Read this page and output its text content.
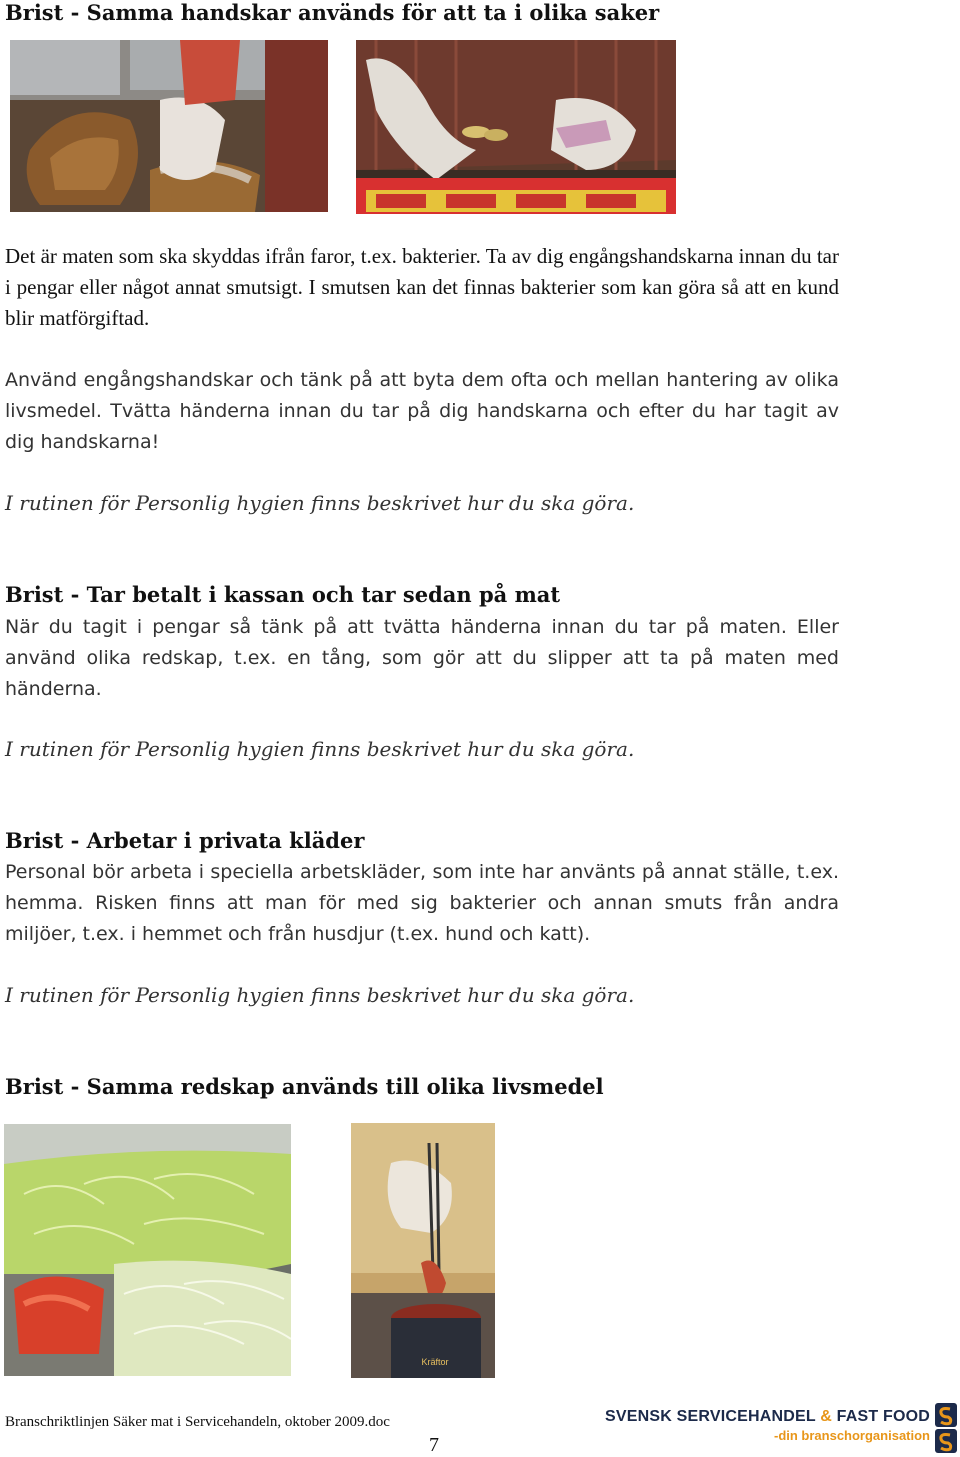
Brist - Samma handskar används för att ta i olika saker

Det är maten som ska skyddas ifrån faror, t.ex. bakterier. Ta av dig engångshandskarna innan du tar i pengar eller något annat smutsigt. I smutsen kan det finnas bakterier som kan göra så att en kund blir matförgiftad.

Använd engångshandskar och tänk på att byta dem ofta och mellan hantering av olika livsmedel. Tvätta händerna innan du tar på dig handskarna och efter du har tagit av dig handskarna!

I rutinen för Personlig hygien finns beskrivet hur du ska göra.

Brist - Tar betalt i kassan och tar sedan på mat

När du tagit i pengar så tänk på att tvätta händerna innan du tar på maten. Eller använd olika redskap, t.ex. en tång, som gör att du slipper att ta på maten med händerna.

I rutinen för Personlig hygien finns beskrivet hur du ska göra.

Brist - Arbetar i privata kläder

Personal bör arbeta i speciella arbetskläder, som inte har använts på annat ställe, t.ex. hemma. Risken finns att man för med sig bakterier och annan smuts från andra miljöer, t.ex. i hemmet och från husdjur (t.ex. hund och katt).

I rutinen för Personlig hygien finns beskrivet hur du ska göra.

Brist - Samma redskap används till olika livsmedel
Kräftor
Branschriktlinjen Säker mat i Servicehandeln, oktober 2009.doc
7
SVENSK SERVICEHANDEL & FAST FOOD
-din branschorganisation
